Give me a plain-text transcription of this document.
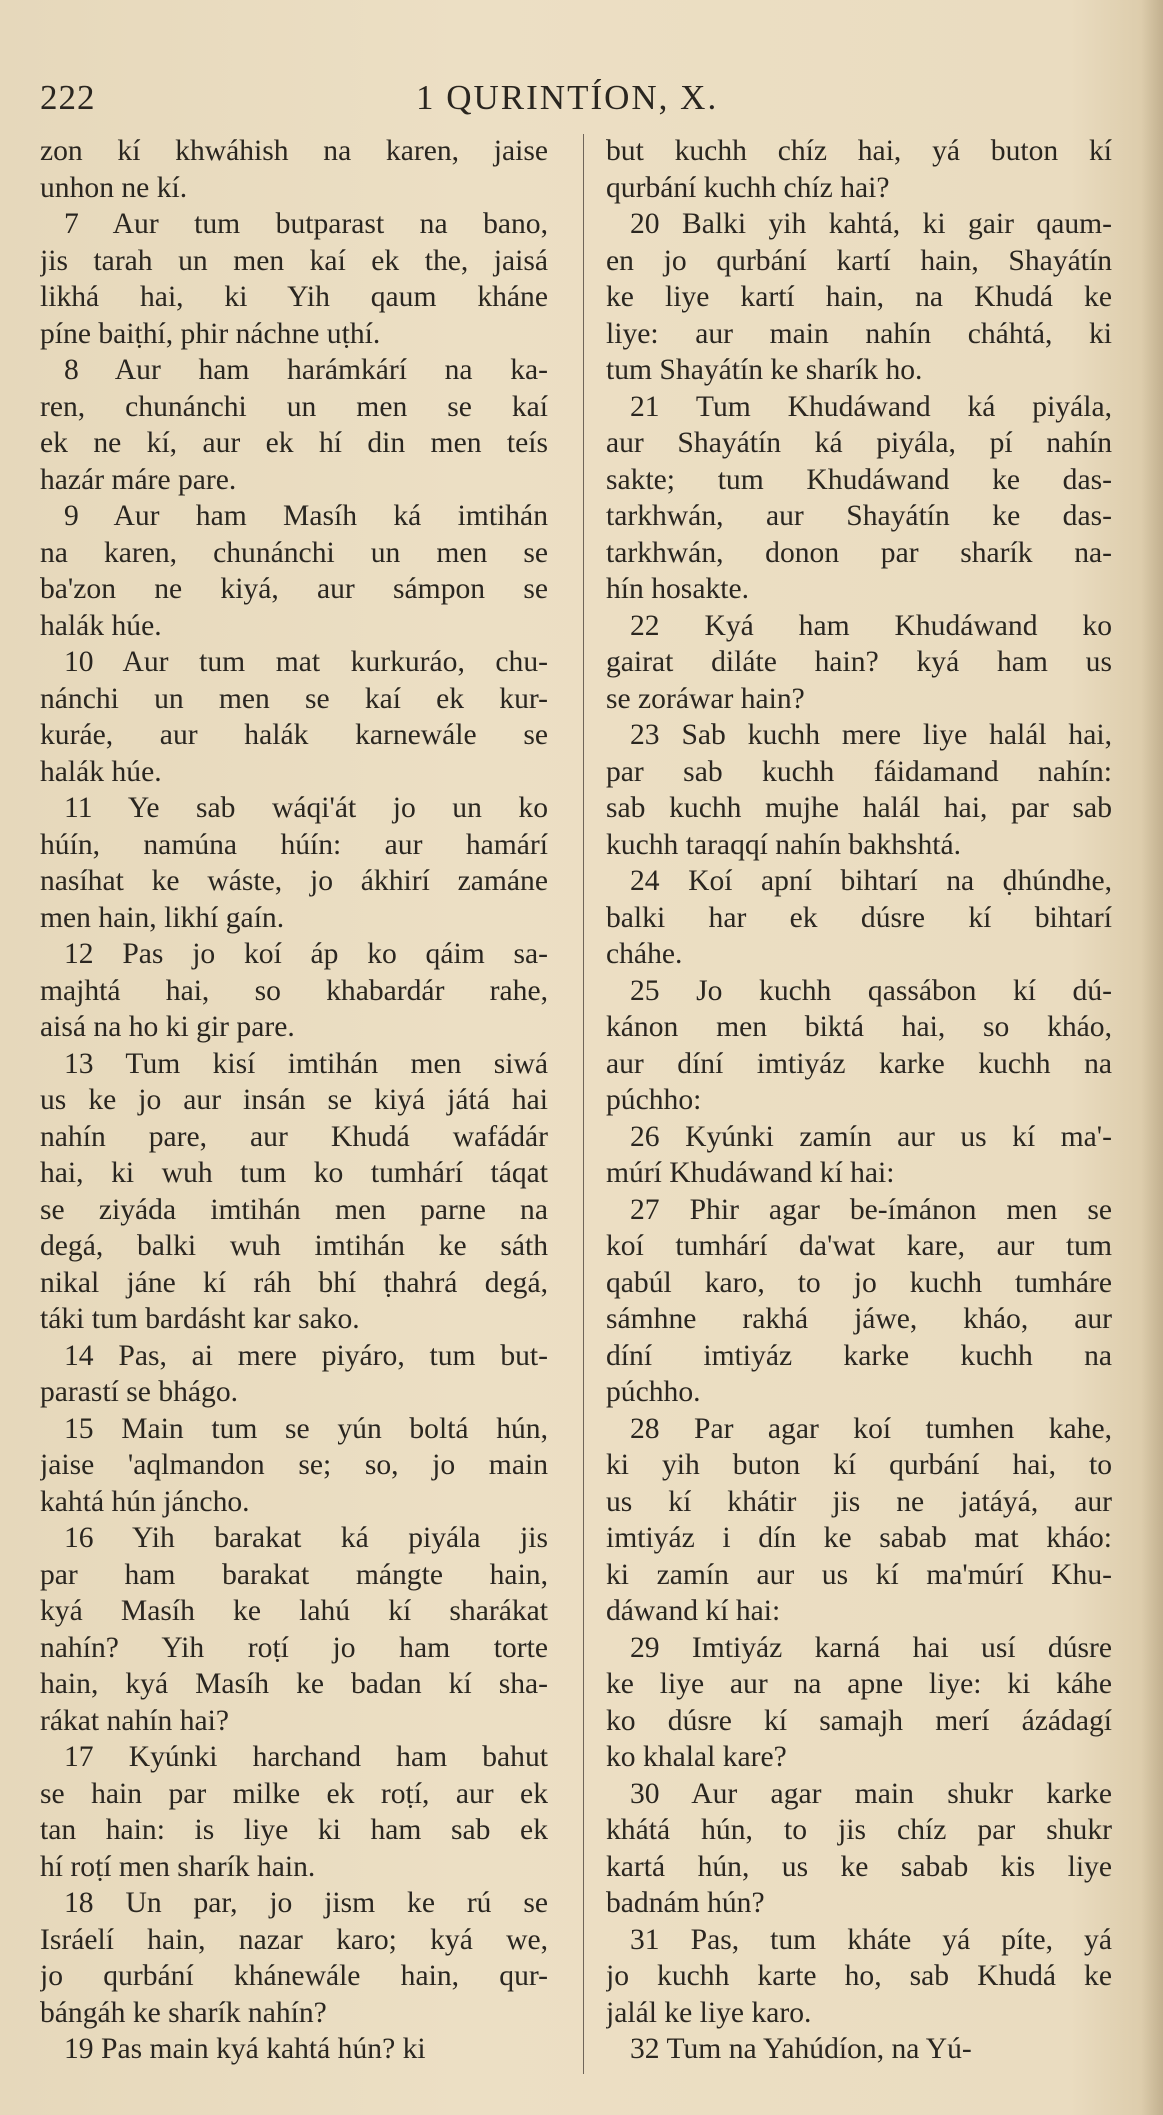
222	1 QURINTÍON, X.
zon kí khwáhish na karen, jaise
unhon ne kí.
7 Aur tum butparast na bano,
jis tarah un men kaí ek the, jaisá
likhá hai, ki Yih qaum kháne
píne baiṭhí, phir náchne uṭhí.
8 Aur ham harámkárí na ka-
ren, chunánchi un men se kaí
ek ne kí, aur ek hí din men teís
hazár máre pare.
9 Aur ham Masíh ká imtihán
na karen, chunánchi un men se
ba'zon ne kiyá, aur sámpon se
halák húe.
10 Aur tum mat kurkuráo, chu-
nánchi un men se kaí ek kur-
kuráe, aur halák karnewále se
halák húe.
11 Ye sab wáqi'át jo un ko
húín, namúna húín: aur hamárí
nasíhat ke wáste, jo ákhirí zamáne
men hain, likhí gaín.
12 Pas jo koí áp ko qáim sa-
majhtá hai, so khabardár rahe,
aisá na ho ki gir pare.
13 Tum kisí imtihán men siwá
us ke jo aur insán se kiyá játá hai
nahín pare, aur Khudá wafádár
hai, ki wuh tum ko tumhárí táqat
se ziyáda imtihán men parne na
degá, balki wuh imtihán ke sáth
nikal jáne kí ráh bhí ṭhahrá degá,
táki tum bardásht kar sako.
14 Pas, ai mere piyáro, tum but-
parastí se bhágo.
15 Main tum se yún boltá hún,
jaise 'aqlmandon se; so, jo main
kahtá hún jáncho.
16 Yih barakat ká piyála jis
par ham barakat mángte hain,
kyá Masíh ke lahú kí sharákat
nahín? Yih roṭí jo ham torte
hain, kyá Masíh ke badan kí sha-
rákat nahín hai?
17 Kyúnki harchand ham bahut
se hain par milke ek roṭí, aur ek
tan hain: is liye ki ham sab ek
hí roṭí men sharík hain.
18 Un par, jo jism ke rú se
Isráelí hain, nazar karo; kyá we,
jo qurbání khánewále hain, qur-
bángáh ke sharík nahín?
19 Pas main kyá kahtá hún? ki
but kuchh chíz hai, yá buton kí
qurbání kuchh chíz hai?
20 Balki yih kahtá, ki gair qaum-
en jo qurbání kartí hain, Shayátín
ke liye kartí hain, na Khudá ke
liye: aur main nahín cháhtá, ki
tum Shayátín ke sharík ho.
21 Tum Khudáwand ká piyála,
aur Shayátín ká piyála, pí nahín
sakte; tum Khudáwand ke das-
tarkhwán, aur Shayátín ke das-
tarkhwán, donon par sharík na-
hín hosakte.
22 Kyá ham Khudáwand ko
gairat diláte hain? kyá ham us
se zoráwar hain?
23 Sab kuchh mere liye halál hai,
par sab kuchh fáidamand nahín:
sab kuchh mujhe halál hai, par sab
kuchh taraqqí nahín bakhshtá.
24 Koí apní bihtarí na ḍhúndhe,
balki har ek dúsre kí bihtarí
cháhe.
25 Jo kuchh qassábon kí dú-
kánon men biktá hai, so kháo,
aur díní imtiyáz karke kuchh na
púchho:
26 Kyúnki zamín aur us kí ma'-
múrí Khudáwand kí hai:
27 Phir agar be-ímánon men se
koí tumhárí da'wat kare, aur tum
qabúl karo, to jo kuchh tumháre
sámhne rakhá jáwe, kháo, aur
díní imtiyáz karke kuchh na
púchho.
28 Par agar koí tumhen kahe,
ki yih buton kí qurbání hai, to
us kí khátir jis ne jatáyá, aur
imtiyáz i dín ke sabab mat kháo:
ki zamín aur us kí ma'múrí Khu-
dáwand kí hai:
29 Imtiyáz karná hai usí dúsre
ke liye aur na apne liye: ki káhe
ko dúsre kí samajh merí ázádagí
ko khalal kare?
30 Aur agar main shukr karke
khátá hún, to jis chíz par shukr
kartá hún, us ke sabab kis liye
badnám hún?
31 Pas, tum kháte yá píte, yá
jo kuchh karte ho, sab Khudá ke
jalál ke liye karo.
32 Tum na Yahúdíon, na Yú-
